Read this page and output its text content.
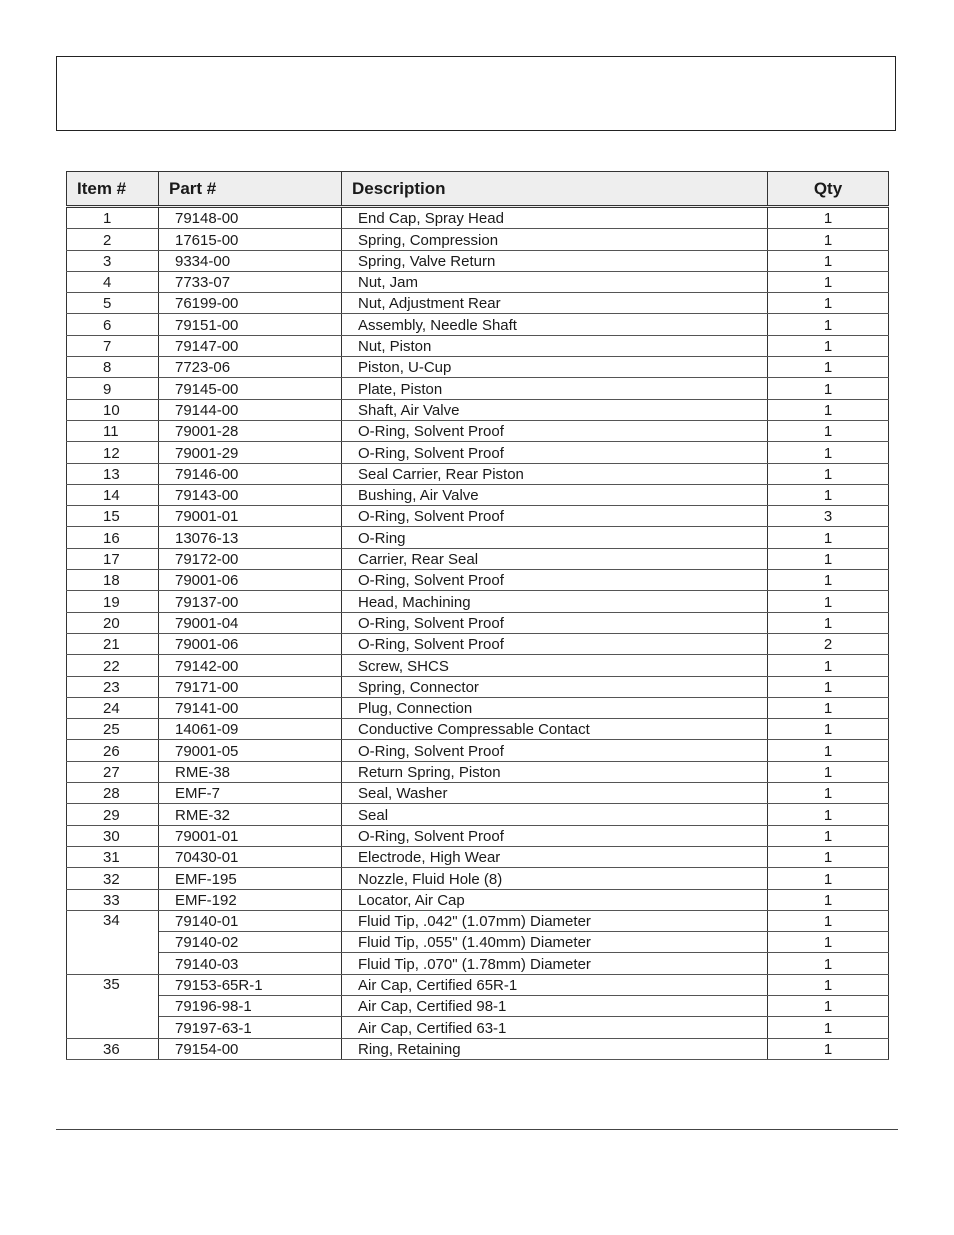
Item #	Part #	Description	Qty
1	79148-00	End Cap, Spray Head	1
2	17615-00	Spring, Compression	1
3	9334-00	Spring, Valve Return	1
4	7733-07	Nut, Jam	1
5	76199-00	Nut, Adjustment Rear	1
6	79151-00	Assembly, Needle Shaft	1
7	79147-00	Nut, Piston	1
8	7723-06	Piston, U-Cup	1
9	79145-00	Plate, Piston	1
10	79144-00	Shaft, Air Valve	1
11	79001-28	O-Ring, Solvent Proof	1
12	79001-29	O-Ring, Solvent Proof	1
13	79146-00	Seal Carrier, Rear Piston	1
14	79143-00	Bushing, Air Valve	1
15	79001-01	O-Ring, Solvent Proof	3
16	13076-13	O-Ring	1
17	79172-00	Carrier, Rear Seal	1
18	79001-06	O-Ring, Solvent Proof	1
19	79137-00	Head, Machining	1
20	79001-04	O-Ring, Solvent Proof	1
21	79001-06	O-Ring, Solvent Proof	2
22	79142-00	Screw, SHCS	1
23	79171-00	Spring, Connector	1
24	79141-00	Plug, Connection	1
25	14061-09	Conductive Compressable Contact	1
26	79001-05	O-Ring, Solvent Proof	1
27	RME-38	Return Spring, Piston	1
28	EMF-7	Seal, Washer	1
29	RME-32	Seal	1
30	79001-01	O-Ring, Solvent Proof	1
31	70430-01	Electrode, High Wear	1
32	EMF-195	Nozzle, Fluid Hole (8)	1
33	EMF-192	Locator, Air Cap	1

34	79140-01	Fluid Tip, .042" (1.07mm) Diameter	1
	79140-02	Fluid Tip, .055" (1.40mm) Diameter	1
	79140-03	Fluid Tip, .070" (1.78mm) Diameter	1

35	79153-65R-1	Air Cap, Certified 65R-1	1
	79196-98-1	Air Cap, Certified 98-1	1
	79197-63-1	Air Cap, Certified 63-1	1
36	79154-00	Ring, Retaining	1
